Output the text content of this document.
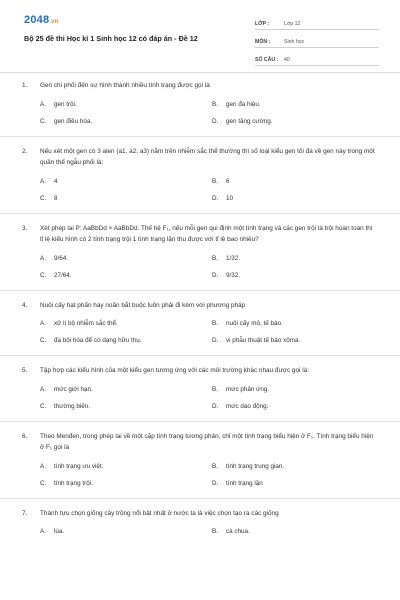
2048.vn
Bộ 25 đề thi Học kì 1 Sinh học 12 có đáp án - Đề 12
LỚP :	Lớp 12
MÔN :	Sinh học
SỐ CÂU :	40
1.	Gen chi phối đến sự hình thành nhiều tính trạng được gọi là
A.	gen trội.	B.	gen đa hiệu.
C.	gen điều hòa.	D.	gen tăng cường.
2.	Nếu xét một gen có 3 alen (a1, a2, a3) nằm trên nhiễm sắc thể thường thì số loại kiểu gen tối đa về gen này trong một quần thể ngẫu phối là:
A.	4	B.	6
C.	8	D.	10
3.	Xét phép lai P: AaBbDd × AaBbDd. Thế hệ F₁, nếu mỗi gen qui định một tính trạng và các gen trội là trội hoàn toàn thì tỉ lệ kiểu hình có 2 tính trạng trội 1 tính trạng lặn thu được với tỉ lệ bao nhiêu?
A.	9/64.	B.	1/32.
C.	27/64.	D.	9/32.
4.	Nuôi cấy hạt phấn hay noãn bắt buộc luôn phải đi kèm với phương pháp
A.	xử lí bộ nhiễm sắc thể.	B.	nuôi cấy mô, tế bào.
C.	đa bội hóa để có dạng hữu thụ.	D.	vi phẫu thuật tế bào xôma.
5.	Tập hợp các kiểu hình của một kiểu gen tương ứng với các môi trường khác nhau được gọi là:
A.	mức giới hạn.	B.	mức phản ứng.
C.	thường biến.	D.	mức dao động.
6.	Theo Menđen, trong phép lai về một cặp tính trạng tương phản, chỉ một tính trạng biểu hiện ở F₁. Tính trạng biểu hiện ở F₁ gọi là
A.	tính trạng ưu việt.	B.	tính trạng trung gian.
C.	tính trạng trội.	D.	tính trạng lặn
7.	Thành tựu chọn giống cây trồng nổi bật nhất ở nước ta là việc chọn tạo ra các giống
A.	lúa.	B.	cà chua.
